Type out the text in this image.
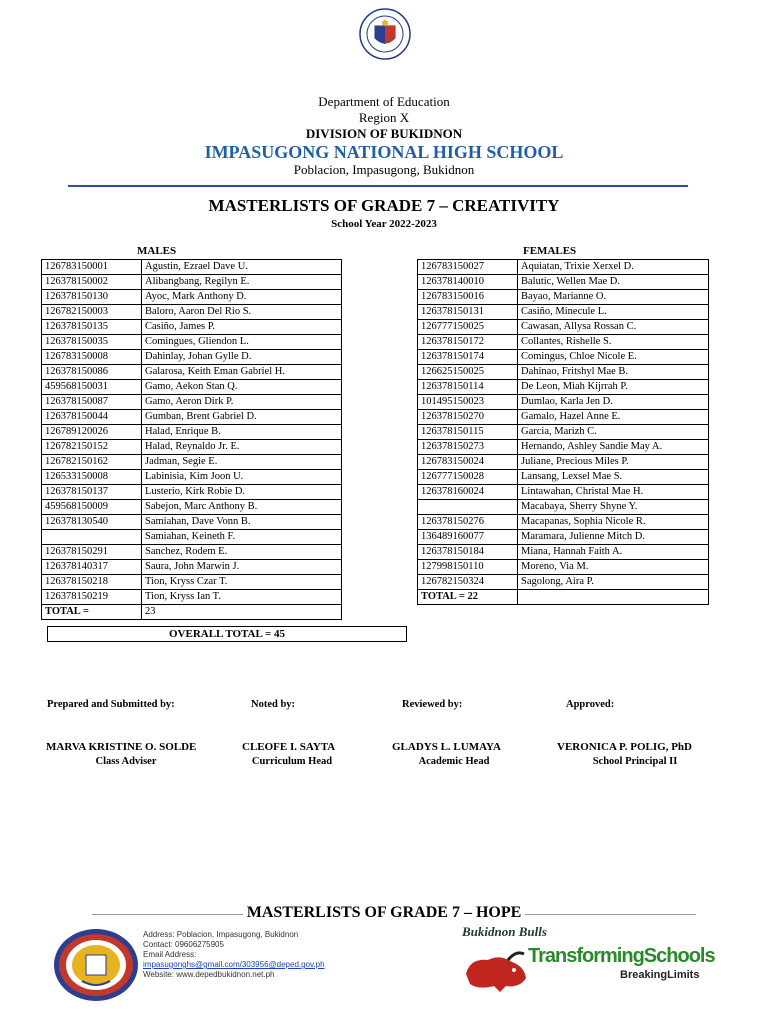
Department of Education
Region X
DIVISION OF BUKIDNON
IMPASUGONG NATIONAL HIGH SCHOOL
Poblacion, Impasugong, Bukidnon
MASTERLISTS OF GRADE 7 – CREATIVITY
School Year 2022-2023
MALES	FEMALES
126783150001	Agustin, Ezrael Dave U.
126378150002	Alibangbang, Regilyn E.
126378150130	Ayoc, Mark Anthony D.
126782150003	Baloro, Aaron Del Rio S.
126378150135	Casiño, James P.
126378150035	Comingues, Gliendon L.
126783150008	Dahinlay, Johan Gylle D.
126378150086	Galarosa, Keith Eman Gabriel H.
459568150031	Gamo, Aekon Stan Q.
126378150087	Gamo, Aeron Dirk P.
126378150044	Gumban, Brent Gabriel D.
126789120026	Halad, Enrique B.
126782150152	Halad, Reynaldo Jr. E.
126782150162	Jadman, Segie E.
126533150008	Labinisia, Kim Joon U.
126378150137	Lusterio, Kirk Robie D.
459568150009	Sabejon, Marc Anthony B.
126378130540	Samiahan, Dave Vonn B.
	Samiahan, Keineth F.
126378150291	Sanchez, Rodem E.
126378140317	Saura, John Marwin J.
126378150218	Tion, Kryss Czar T.
126378150219	Tion, Kryss Ian T.
TOTAL =	23
126783150027	Aquiatan, Trixie Xerxel D.
126378140010	Balutic, Wellen Mae D.
126783150016	Bayao, Marianne O.
126378150131	Casiño, Minecule L.
126777150025	Cawasan, Allysa Rossan C.
126378150172	Collantes, Rishelle S.
126378150174	Comingus, Chloe Nicole E.
126625150025	Dahinao, Fritshyl Mae B.
126378150114	De Leon, Miah Kijrrah P.
101495150023	Dumlao, Karla Jen D.
126378150270	Gamalo, Hazel Anne E.
126378150115	Garcia, Marizh C.
126378150273	Hernando, Ashley Sandie May A.
126783150024	Juliane, Precious Miles P.
126777150028	Lansang, Lexsel Mae S.
126378160024	Lintawahan, Christal Mae H.
	Macabaya, Sherry Shyne Y.
126378150276	Macapanas, Sophia Nicole R.
136489160077	Maramara, Julienne Mitch D.
126378150184	Miana, Hannah Faith A.
127998150110	Moreno, Via M.
126782150324	Sagolong, Aira P.
TOTAL = 22	
OVERALL TOTAL = 45
Prepared and Submitted by:	Noted by:	Reviewed by:	Approved:
MARVA KRISTINE O. SOLDE
Class Adviser
CLEOFE I. SAYTA
Curriculum Head
GLADYS L. LUMAYA
Academic Head
VERONICA P. POLIG, PhD
School Principal II
MASTERLISTS OF GRADE 7 – HOPE
Address: Poblacion, Impasugong, Bukidnon
Contact: 09606275905
Email Address:
impasugonghs@gmail.com/303956@deped.gov.ph
Website: www.depedbukidnon.net.ph
Bukidnon Bulls
TransformingSchools
BreakingLimits
